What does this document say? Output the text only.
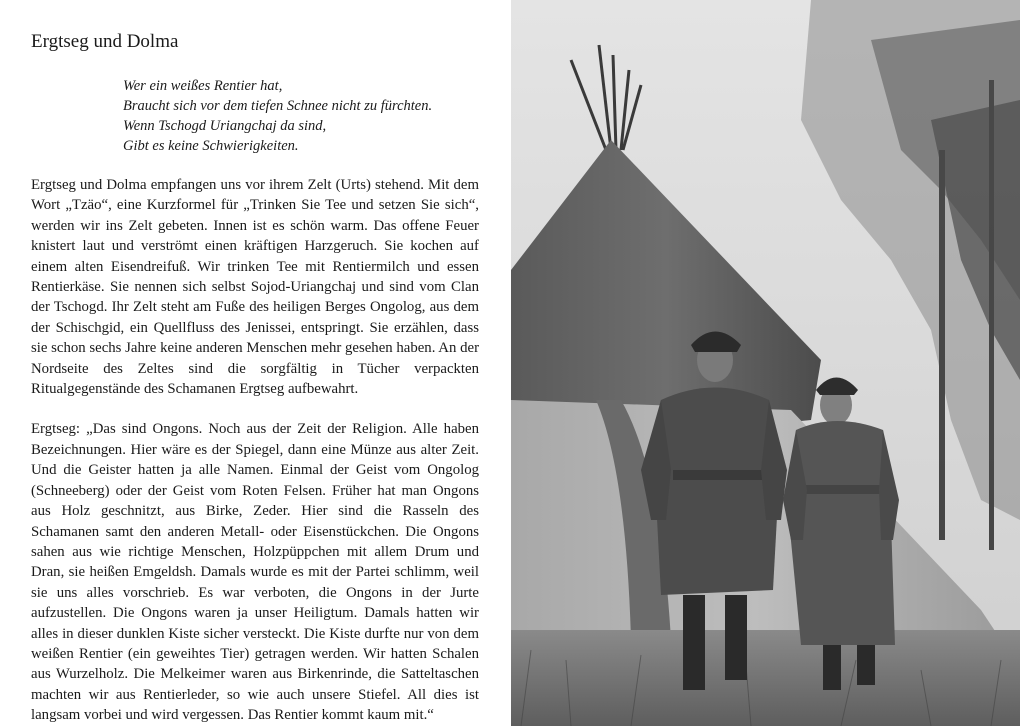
Ergtseg und Dolma
Wer ein weißes Rentier hat,
Braucht sich vor dem tiefen Schnee nicht zu fürchten.
Wenn Tschogd Uriangchaj da sind,
Gibt es keine Schwierigkeiten.

Ergtseg und Dolma empfangen uns vor ihrem Zelt (Urts) stehend. Mit dem Wort „Tzäo“, eine Kurzformel für „Trinken Sie Tee und setzen Sie sich“, werden wir ins Zelt gebeten. Innen ist es schön warm. Das offene Feuer knistert laut und verströmt einen kräftigen Harzgeruch. Sie kochen auf einem alten Eisendreifuß. Wir trinken Tee mit Rentiermilch und essen Rentierkäse. Sie nennen sich selbst Sojod-Uriangchaj und sind vom Clan der Tschogd. Ihr Zelt steht am Fuße des heiligen Berges Ongolog, aus dem der Schischgid, ein Quellfluss des Jenissei, entspringt. Sie erzählen, dass sie schon sechs Jahre keine anderen Menschen mehr gesehen haben. An der Nordseite des Zeltes sind die sorgfältig in Tücher verpackten Ritualgegenstände des Schamanen Ergtseg aufbewahrt.

Ergtseg: „Das sind Ongons. Noch aus der Zeit der Religion. Alle haben Bezeichnungen. Hier wäre es der Spiegel, dann eine Münze aus alter Zeit. Und die Geister hatten ja alle Namen. Einmal der Geist vom Ongolog (Schneeberg) oder der Geist vom Roten Felsen. Früher hat man Ongons aus Holz geschnitzt, aus Birke, Zeder. Hier sind die Rasseln des Schamanen samt den anderen Metall- oder Eisenstückchen. Die Ongons sahen aus wie richtige Menschen, Holzpüppchen mit allem Drum und Dran, sie heißen Emgeldsh. Damals wurde es mit der Partei schlimm, weil sie uns alles vorschrieb. Es war verboten, die Ongons in der Jurte aufzustellen. Die Ongons waren ja unser Heiligtum. Damals hatten wir alles in dieser dunklen Kiste sicher versteckt. Die Kiste durfte nur von dem weißen Rentier (ein geweihtes Tier) getragen werden. Wir hatten Schalen aus Wurzelholz. Die Melkeimer waren aus Birkenrinde, die Satteltaschen machten wir aus Rentierleder, so wie auch unsere Stiefel. All dies ist langsam vorbei und wird vergessen. Das Rentier kommt kaum mit.“
